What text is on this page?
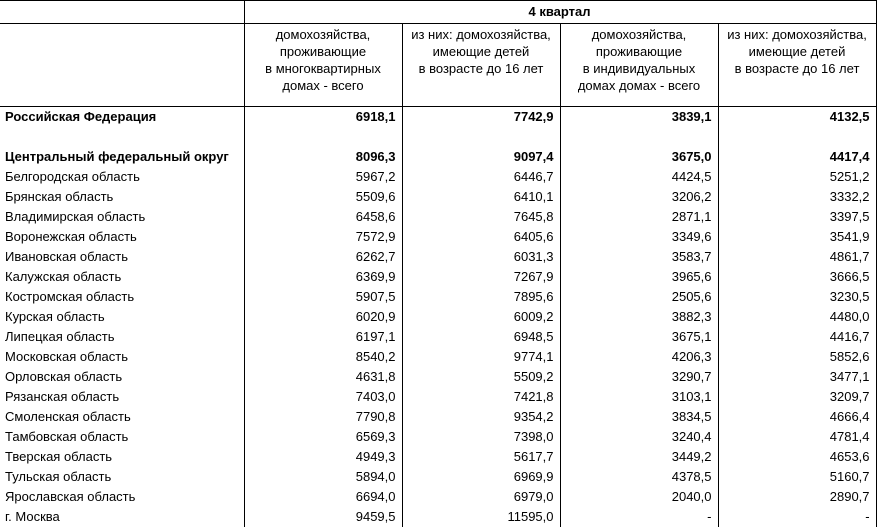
	4 квартал			
	домохозяйства,
проживающие
в многоквартирных
домах - всего	из них: домохозяйства,
имеющие детей
в возрасте до 16 лет	домохозяйства,
проживающие
в индивидуальных
домах домах - всего	из них: домохозяйства,
имеющие детей
в возрасте до 16 лет
Российская Федерация	6918,1	7742,9	3839,1	4132,5

Центральный федеральный округ	8096,3	9097,4	3675,0	4417,4
Белгородская область	5967,2	6446,7	4424,5	5251,2
Брянская область	5509,6	6410,1	3206,2	3332,2
Владимирская область	6458,6	7645,8	2871,1	3397,5
Воронежская область	7572,9	6405,6	3349,6	3541,9
Ивановская область	6262,7	6031,3	3583,7	4861,7
Калужская область	6369,9	7267,9	3965,6	3666,5
Костромская область	5907,5	7895,6	2505,6	3230,5
Курская область	6020,9	6009,2	3882,3	4480,0
Липецкая область	6197,1	6948,5	3675,1	4416,7
Московская область	8540,2	9774,1	4206,3	5852,6
Орловская область	4631,8	5509,2	3290,7	3477,1
Рязанская область	7403,0	7421,8	3103,1	3209,7
Смоленская область	7790,8	9354,2	3834,5	4666,4
Тамбовская область	6569,3	7398,0	3240,4	4781,4
Тверская область	4949,3	5617,7	3449,2	4653,6
Тульская область	5894,0	6969,9	4378,5	5160,7
Ярославская область	6694,0	6979,0	2040,0	2890,7
г. Москва	9459,5	11595,0	-	-
